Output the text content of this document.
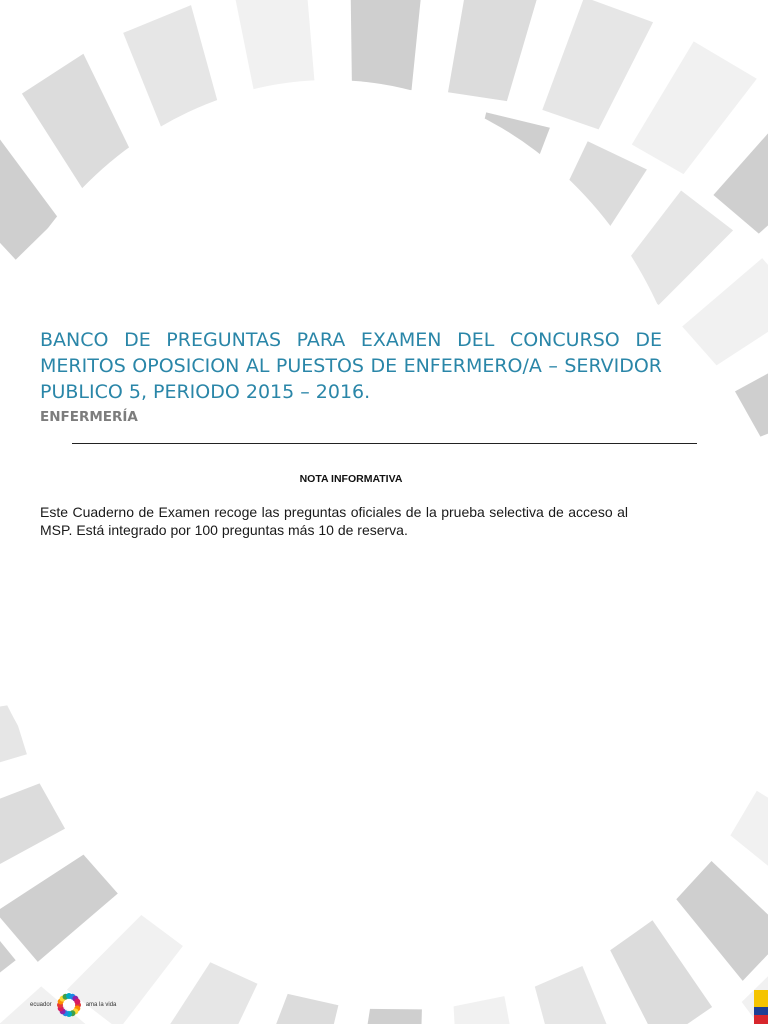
BANCO DE PREGUNTAS PARA EXAMEN DEL CONCURSO DE MERITOS OPOSICION AL PUESTOS DE ENFERMERO/A – SERVIDOR PUBLICO 5, PERIODO 2015 – 2016.

ENFERMERÍA

NOTA INFORMATIVA

Este Cuaderno de Examen recoge las preguntas oficiales de la prueba selectiva de acceso al MSP. Está integrado por 100 preguntas más 10 de reserva.

ecuador	ama la vida
